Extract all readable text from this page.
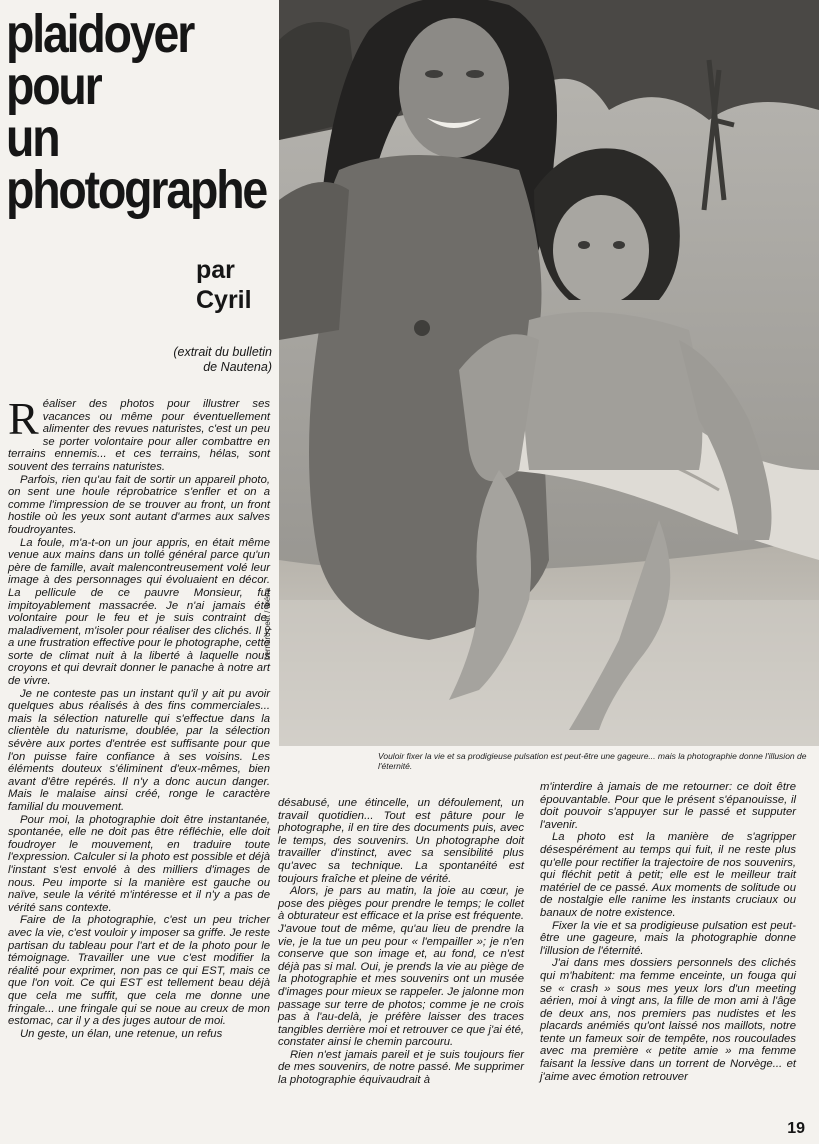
plaidoyer
pour
un
photographe
par
Cyril
(extrait du bulletin de Nautena)
bernard petit / aréna
Vouloir fixer la vie et sa prodigieuse pulsation est peut-être une gageure... mais la photographie donne l'illusion de l'éternité.

Réaliser des photos pour illustrer ses vacances ou même pour éventuellement alimenter des revues naturistes, c'est un peu se porter volontaire pour aller combattre en terrains ennemis... et ces terrains, hélas, sont souvent des terrains naturistes.

Parfois, rien qu'au fait de sortir un appareil photo, on sent une houle réprobatrice s'enfler et on a comme l'impression de se trouver au front, un front hostile où les yeux sont autant d'armes aux salves foudroyantes.

La foule, m'a-t-on un jour appris, en était même venue aux mains dans un tollé général parce qu'un père de famille, avait malencontreusement volé leur image à des personnages qui évoluaient en décor. La pellicule de ce pauvre Monsieur, fut impitoyablement massacrée. Je n'ai jamais été volontaire pour le feu et je suis contraint de, maladivement, m'isoler pour réaliser des clichés. Il y a une frustration effective pour le photographe, cette sorte de climat nuit à la liberté à laquelle nous croyons et qui devrait donner le panache à notre art de vivre.

Je ne conteste pas un instant qu'il y ait pu avoir quelques abus réalisés à des fins commerciales... mais la sélection naturelle qui s'effectue dans la clientèle du naturisme, doublée, par la sélection sévère aux portes d'entrée est suffisante pour que l'on puisse faire confiance à ses voisins. Les éléments douteux s'éliminent d'eux-mêmes, bien avant d'être repérés. Il n'y a donc aucun danger. Mais le malaise ainsi créé, ronge le caractère familial du mouvement.

Pour moi, la photographie doit être instantanée, spontanée, elle ne doit pas être réfléchie, elle doit foudroyer le mouvement, en traduire toute l'expression. Calculer si la photo est possible et déjà l'instant s'est envolé à des milliers d'images de nous. Peu importe si la manière est gauche ou naïve, seule la vérité m'intéresse et il n'y a pas de vérité sans contexte.

Faire de la photographie, c'est un peu tricher avec la vie, c'est vouloir y imposer sa griffe. Je reste partisan du tableau pour l'art et de la photo pour le témoignage. Travailler une vue c'est modifier la réalité pour exprimer, non pas ce qui EST, mais ce que l'on voit. Ce qui EST est tellement beau déjà que cela me suffit, que cela me donne une fringale... une fringale qui se noue au creux de mon estomac, car il y a des juges autour de moi.

Un geste, un élan, une retenue, un refus

désabusé, une étincelle, un défoulement, un travail quotidien... Tout est pâture pour le photographe, il en tire des documents puis, avec le temps, des souvenirs. Un photographe doit travailler d'instinct, avec sa sensibilité plus qu'avec sa technique. La spontanéité est toujours fraîche et pleine de vérité.

Alors, je pars au matin, la joie au cœur, je pose des pièges pour prendre le temps; le collet à obturateur est efficace et la prise est fréquente. J'avoue tout de même, qu'au lieu de prendre la vie, je la tue un peu pour « l'empailler »; je n'en conserve que son image et, au fond, ce n'est déjà pas si mal. Oui, je prends la vie au piège de la photographie et mes souvenirs ont un musée d'images pour mieux se rappeler. Je jalonne mon passage sur terre de photos; comme je ne crois pas à l'au-delà, je préfère laisser des traces tangibles derrière moi et retrouver ce que j'ai été, constater ainsi le chemin parcouru.

Rien n'est jamais pareil et je suis toujours fier de mes souvenirs, de notre passé. Me supprimer la photographie équivaudrait à

m'interdire à jamais de me retourner: ce doit être épouvantable. Pour que le présent s'épanouisse, il doit pouvoir s'appuyer sur le passé et supputer l'avenir.

La photo est la manière de s'agripper désespérément au temps qui fuit, il ne reste plus qu'elle pour rectifier la trajectoire de nos souvenirs, qui fléchit petit à petit; elle est le meilleur trait matériel de ce passé. Aux moments de solitude ou de nostalgie elle ranime les instants cruciaux ou banaux de notre existence.

Fixer la vie et sa prodigieuse pulsation est peut-être une gageure, mais la photographie donne l'illusion de l'éternité.

J'ai dans mes dossiers personnels des clichés qui m'habitent: ma femme enceinte, un fouga qui se « crash » sous mes yeux lors d'un meeting aérien, moi à vingt ans, la fille de mon ami à l'âge de deux ans, nos premiers pas nudistes et les placards anémiés qu'ont laissé nos maillots, notre tente un fameux soir de tempête, nos roucoulades avec ma première « petite amie » ma femme faisant la lessive dans un torrent de Norvège... et j'aime avec émotion retrouver

19
